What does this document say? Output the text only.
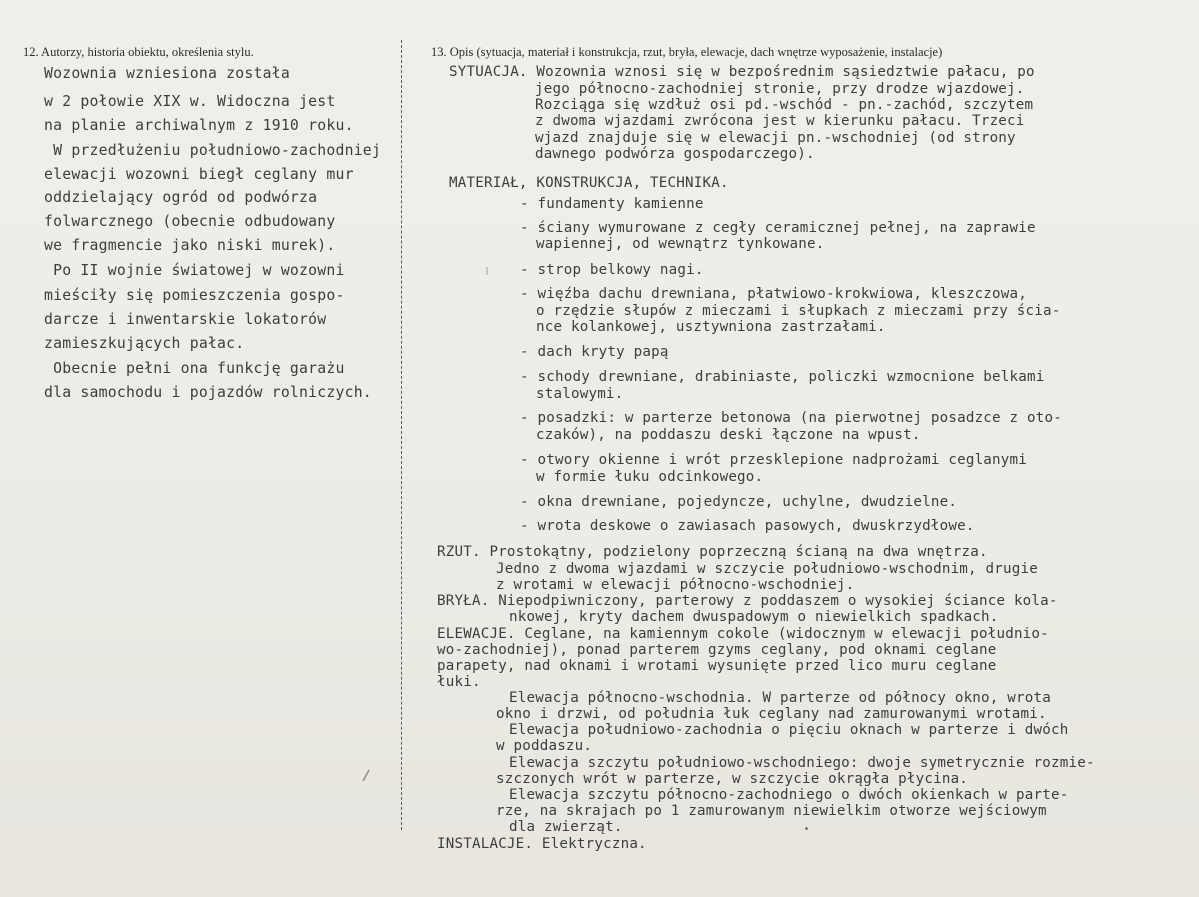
12. Autorzy, historia obiektu, określenia stylu.	13. Opis (sytuacja, materiał i konstrukcja, rzut, bryła, elewacje, dach wnętrze wyposażenie, instalacje)
Wozownia wzniesiona została
w 2 połowie XIX w. Widoczna jest
na planie archiwalnym z 1910 roku.
W przedłużeniu południowo-zachodniej
elewacji wozowni biegł ceglany mur
oddzielający ogród od podwórza
folwarcznego (obecnie odbudowany
we fragmencie jako niski murek).
Po II wojnie światowej w wozowni
mieściły się pomieszczenia gospo-
darcze i inwentarskie lokatorów
zamieszkujących pałac.
Obecnie pełni ona funkcję garażu
dla samochodu i pojazdów rolniczych.
SYTUACJA. Wozownia wznosi się w bezpośrednim sąsiedztwie pałacu, po
jego północno-zachodniej stronie, przy drodze wjazdowej.
Rozciąga się wzdłuż osi pd.-wschód - pn.-zachód, szczytem
z dwoma wjazdami zwrócona jest w kierunku pałacu. Trzeci
wjazd znajduje się w elewacji pn.-wschodniej (od strony
dawnego podwórza gospodarczego).
MATERIAŁ, KONSTRUKCJA, TECHNIKA.
- fundamenty kamienne
- ściany wymurowane z cegły ceramicznej pełnej, na zaprawie
wapiennej, od wewnątrz tynkowane.
- strop belkowy nagi.
- więźba dachu drewniana, płatwiowo-krokwiowa, kleszczowa,
o rzędzie słupów z mieczami i słupkach z mieczami przy ścia-
nce kolankowej, usztywniona zastrzałami.
- dach kryty papą
- schody drewniane, drabiniaste, policzki wzmocnione belkami
stalowymi.
- posadzki: w parterze betonowa (na pierwotnej posadzce z oto-
czaków), na poddaszu deski łączone na wpust.
- otwory okienne i wrót przesklepione nadprożami ceglanymi
w formie łuku odcinkowego.
- okna drewniane, pojedyncze, uchylne, dwudzielne.
- wrota deskowe o zawiasach pasowych, dwuskrzydłowe.
RZUT. Prostokątny, podzielony poprzeczną ścianą na dwa wnętrza.
Jedno z dwoma wjazdami w szczycie południowo-wschodnim, drugie
z wrotami w elewacji północno-wschodniej.
BRYŁA. Niepodpiwniczony, parterowy z poddaszem o wysokiej ściance kola-
nkowej, kryty dachem dwuspadowym o niewielkich spadkach.
ELEWACJE. Ceglane, na kamiennym cokole (widocznym w elewacji południo-
wo-zachodniej), ponad parterem gzyms ceglany, pod oknami ceglane
parapety, nad oknami i wrotami wysunięte przed lico muru ceglane
łuki.
Elewacja północno-wschodnia. W parterze od północy okno, wrota
okno i drzwi, od południa łuk ceglany nad zamurowanymi wrotami.
Elewacja południowo-zachodnia o pięciu oknach w parterze i dwóch
w poddaszu.
Elewacja szczytu południowo-wschodniego: dwoje symetrycznie rozmie-
szczonych wrót w parterze, w szczycie okrągła płycina.
Elewacja szczytu północno-zachodniego o dwóch okienkach w parte-
rze, na skrajach po 1 zamurowanym niewielkim otworze wejściowym
dla zwierząt.
INSTALACJE. Elektryczna.
